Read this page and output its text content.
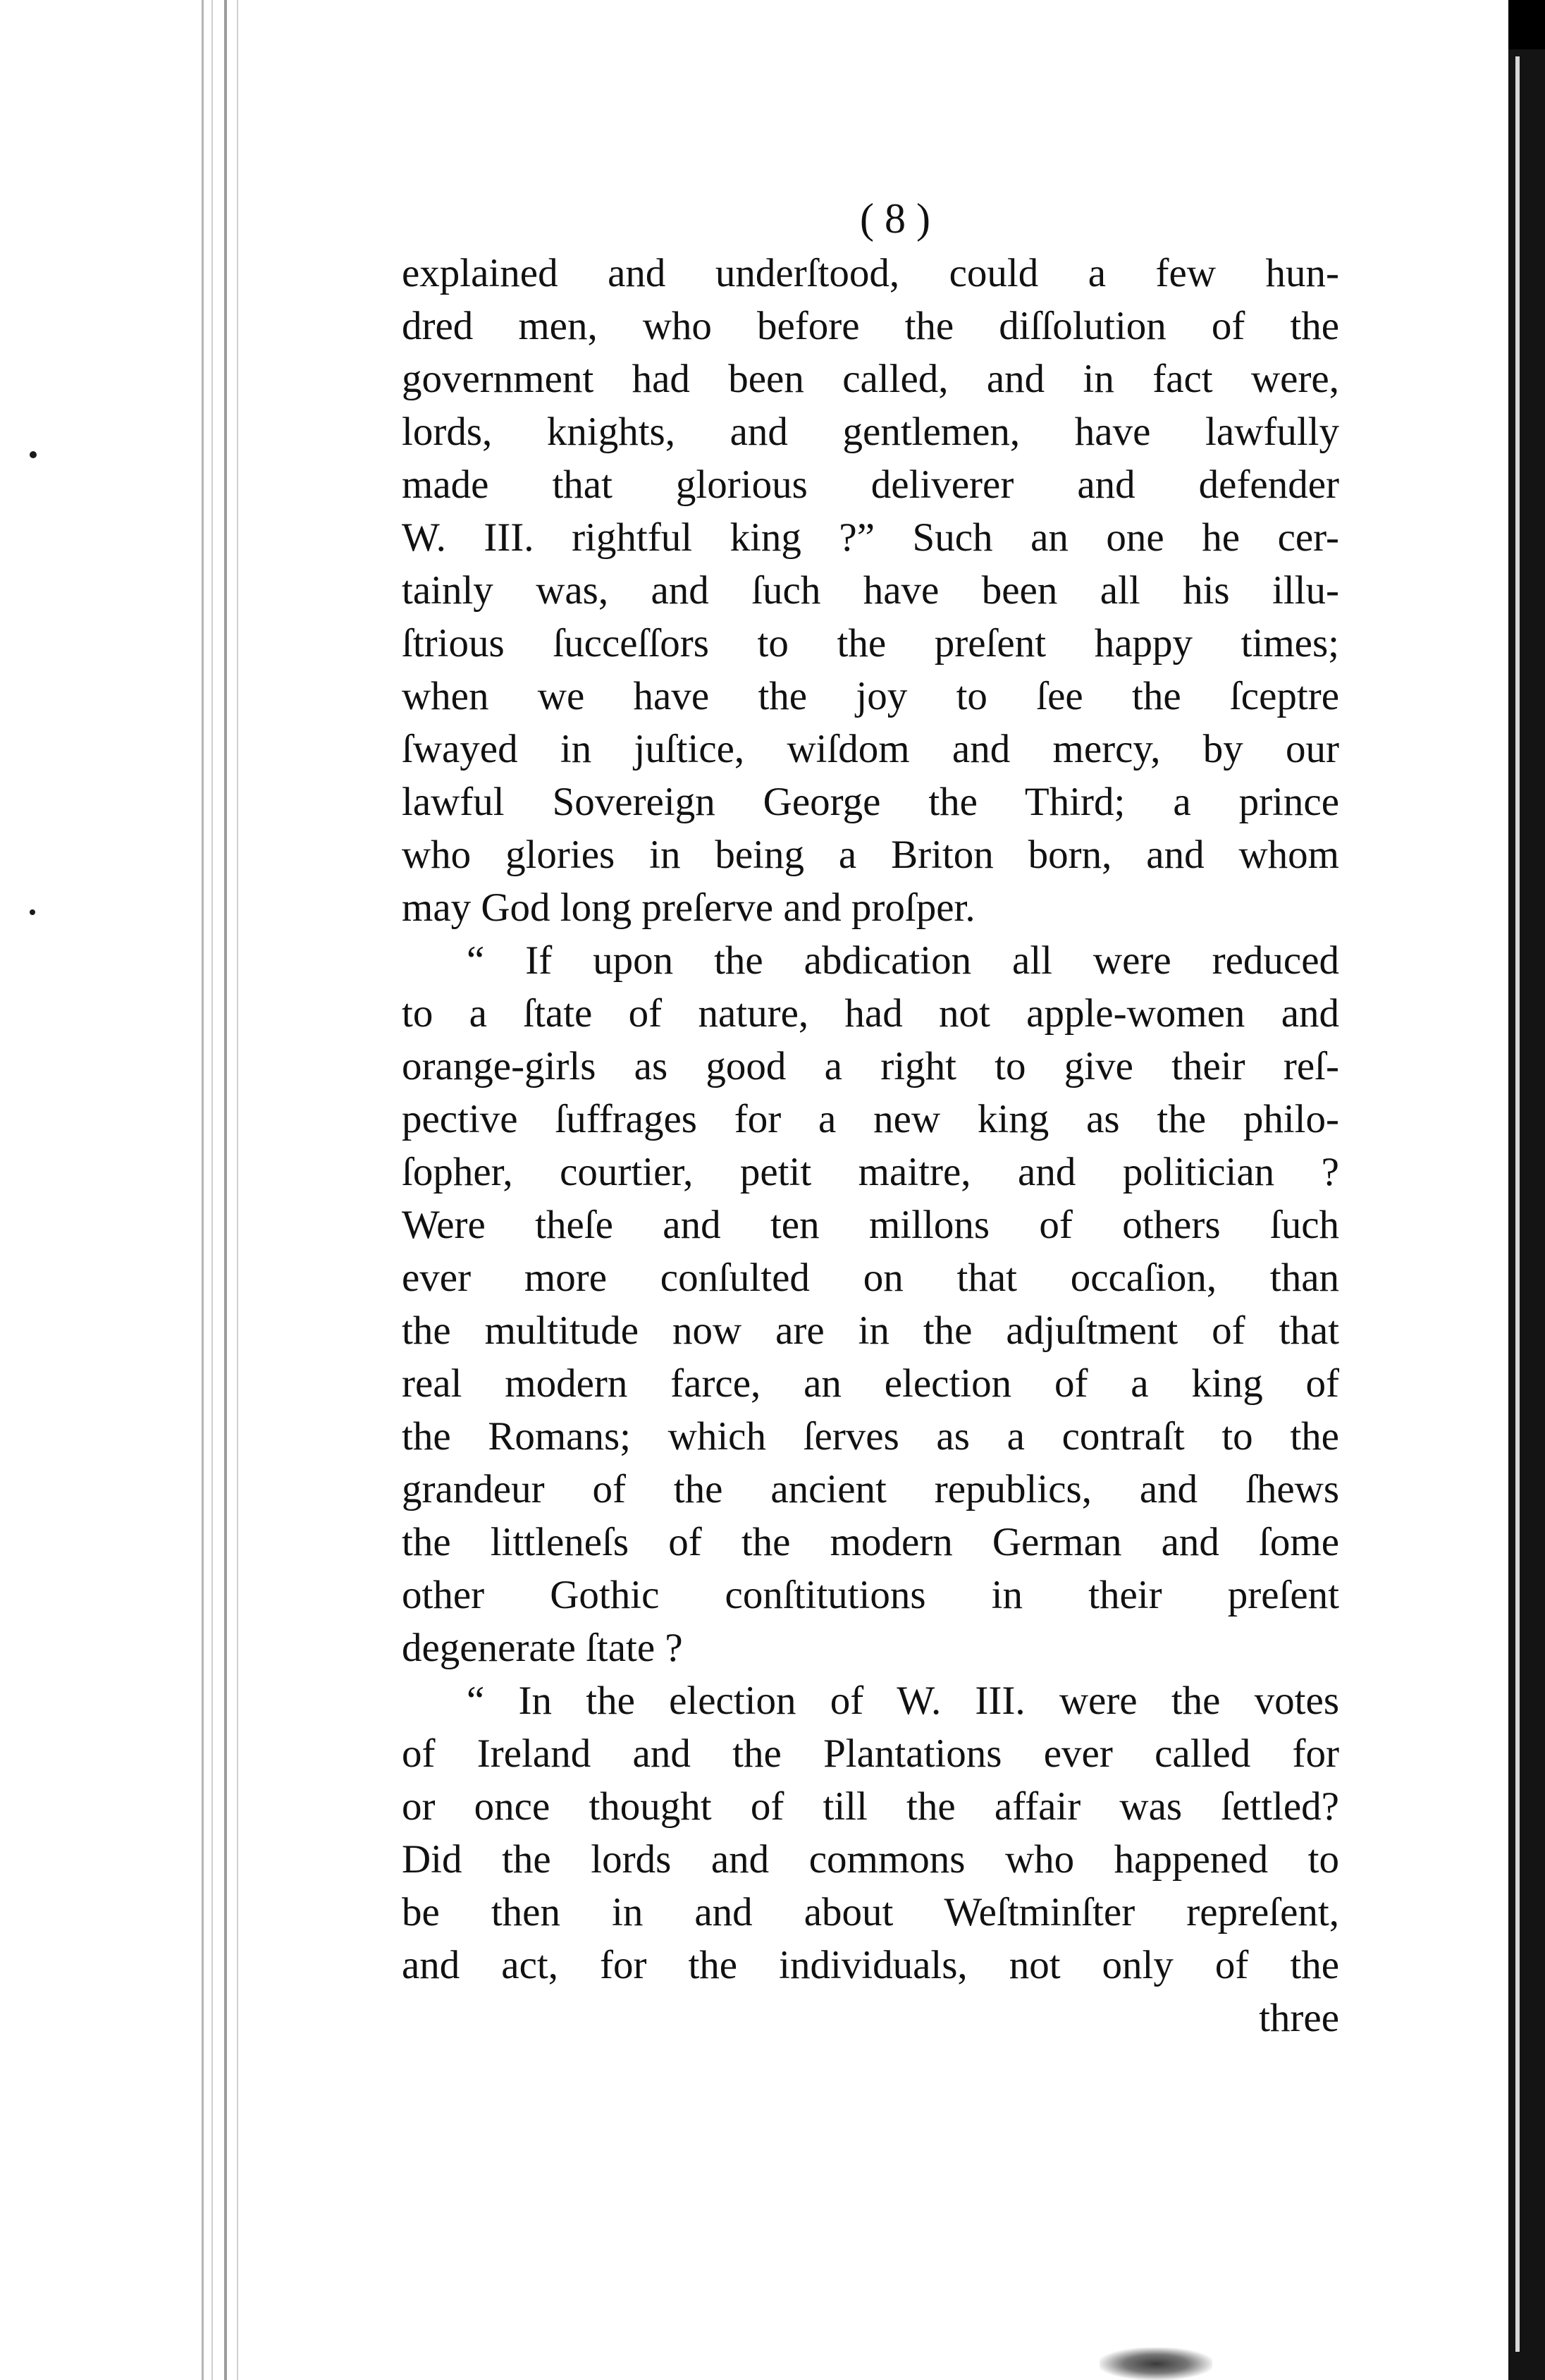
( 8 )
explained and underſtood, could a few hun-
dred men, who before the diſſolution of the
government had been called, and in fact were,
lords, knights, and gentlemen, have lawfully
made that glorious deliverer and defender
W. III. rightful king ?” Such an one he cer-
tainly was, and ſuch have been all his illu-
ſtrious ſucceſſors to the preſent happy times;
when we have the joy to ſee the ſceptre
ſwayed in juſtice, wiſdom and mercy, by our
lawful Sovereign George the Third; a prince
who glories in being a Briton born, and whom
may God long preſerve and proſper.
“ If upon the abdication all were reduced
to a ſtate of nature, had not apple-women and
orange-girls as good a right to give their reſ-
pective ſuffrages for a new king as the philo-
ſopher, courtier, petit maitre, and politician ?
Were theſe and ten millons of others ſuch
ever more conſulted on that occaſion, than
the multitude now are in the adjuſtment of that
real modern farce, an election of a king of
the Romans; which ſerves as a contraſt to the
grandeur of the ancient republics, and ſhews
the littleneſs of the modern German and ſome
other Gothic conſtitutions in their preſent
degenerate ſtate ?
“ In the election of W. III. were the votes
of Ireland and the Plantations ever called for
or once thought of till the affair was ſettled?
Did the lords and commons who happened to
be then in and about Weſtminſter repreſent,
and act, for the individuals, not only of the
three
